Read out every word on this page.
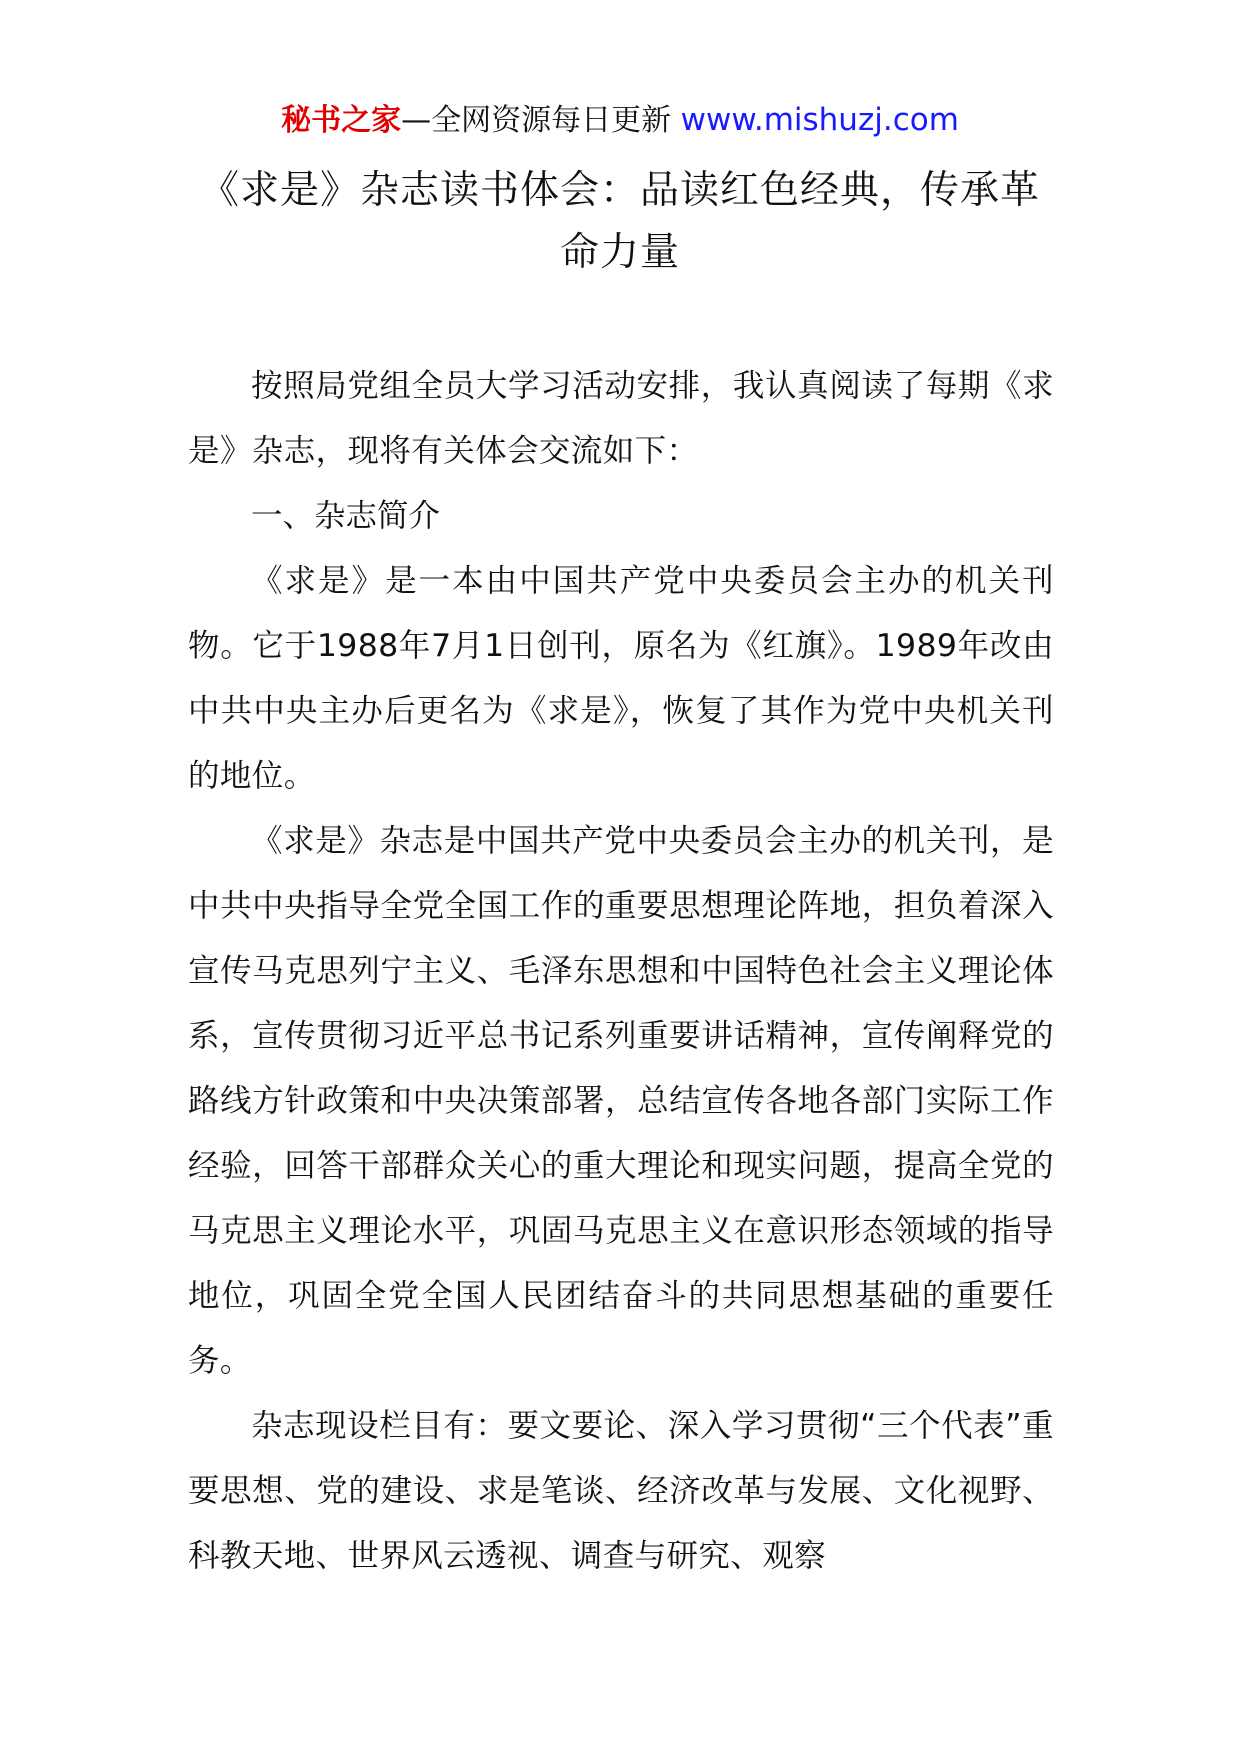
秘书之家—全网资源每日更新 www.mishuzj.com
《求是》杂志读书体会：品读红色经典，传承革命力量

按照局党组全员大学习活动安排，我认真阅读了每期《求是》杂志，现将有关体会交流如下：

一、杂志简介

《求是》是一本由中国共产党中央委员会主办的机关刊物。它于1988年7月1日创刊，原名为《红旗》。1989年改由中共中央主办后更名为《求是》，恢复了其作为党中央机关刊的地位。

《求是》杂志是中国共产党中央委员会主办的机关刊，是中共中央指导全党全国工作的重要思想理论阵地，担负着深入宣传马克思列宁主义、毛泽东思想和中国特色社会主义理论体系，宣传贯彻习近平总书记系列重要讲话精神，宣传阐释党的路线方针政策和中央决策部署，总结宣传各地各部门实际工作经验，回答干部群众关心的重大理论和现实问题，提高全党的马克思主义理论水平，巩固马克思主义在意识形态领域的指导地位，巩固全党全国人民团结奋斗的共同思想基础的重要任务。

杂志现设栏目有：要文要论、深入学习贯彻“三个代表”重要思想、党的建设、求是笔谈、经济改革与发展、文化视野、科教天地、世界风云透视、调查与研究、观察
